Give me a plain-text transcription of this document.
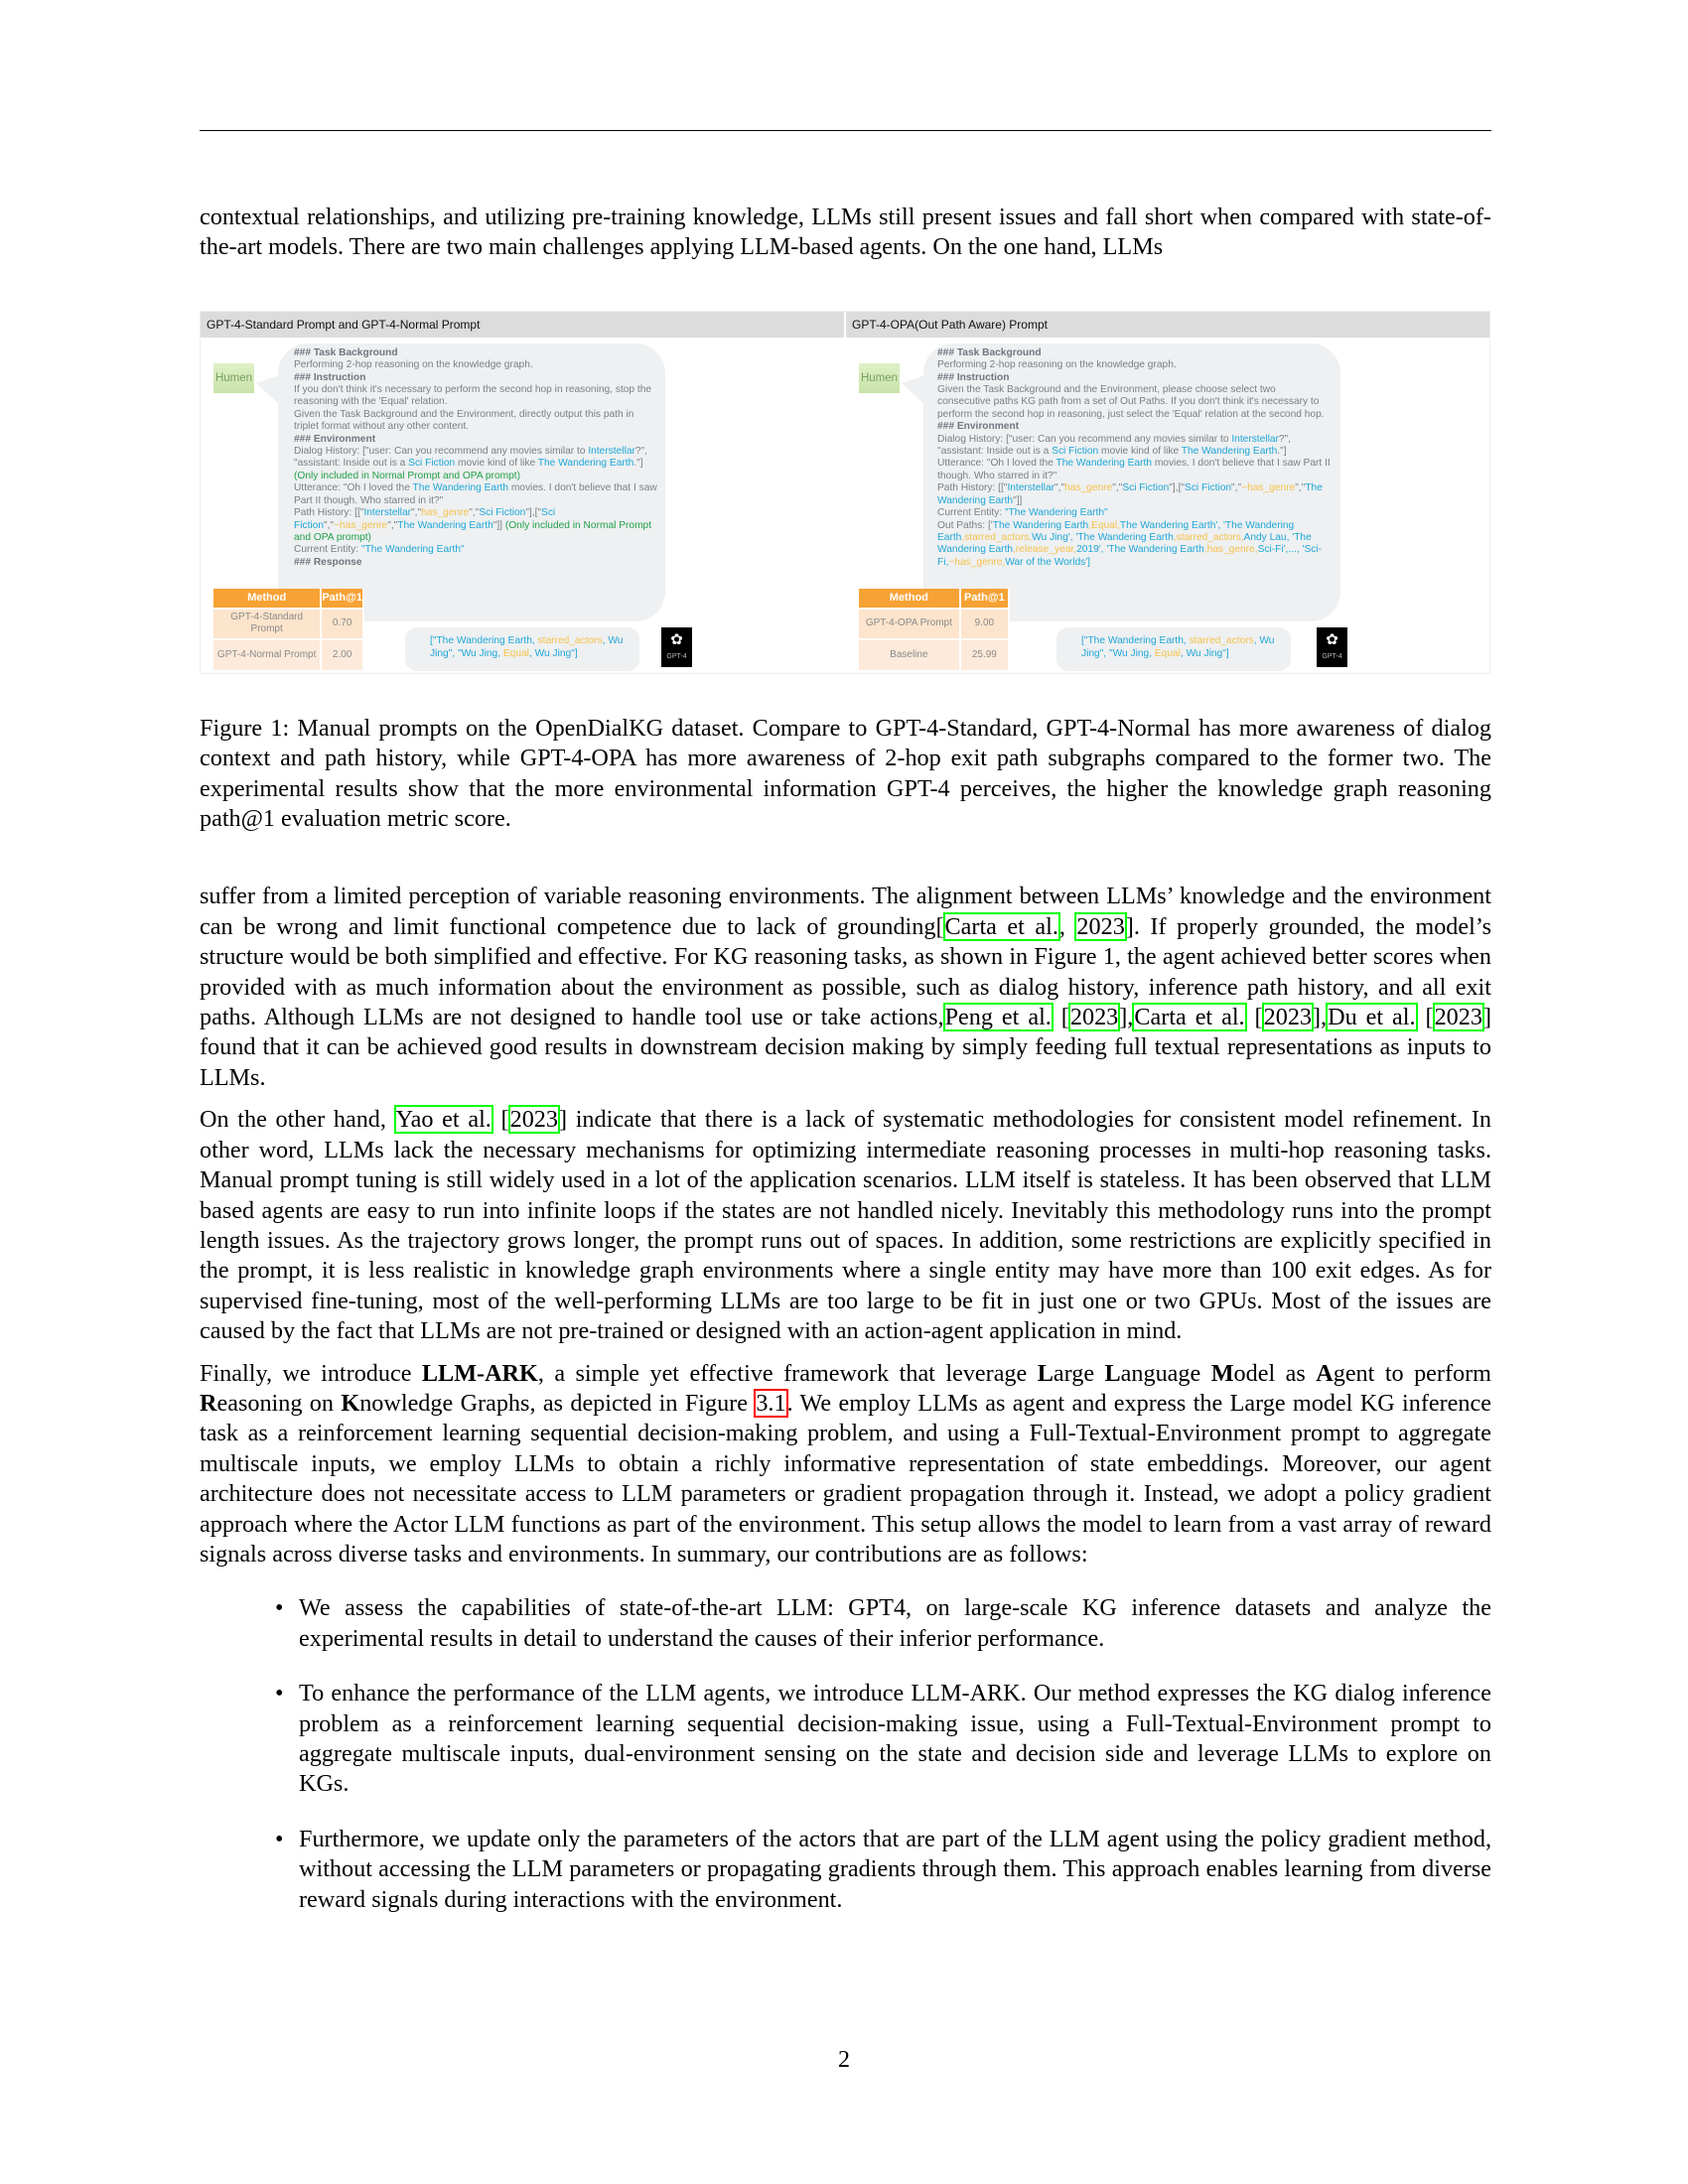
contextual relationships, and utilizing pre-training knowledge, LLMs still present issues and fall short when compared with state-of-the-art models. There are two main challenges applying LLM-based agents. On the one hand, LLMs
GPT-4-Standard Prompt and GPT-4-Normal Prompt
Humen
### Task Background
Performing 2-hop reasoning on the knowledge graph.
### Instruction
If you don't think it's necessary to perform the second hop in reasoning, stop the reasoning with the 'Equal' relation.
Given the Task Background and the Environment, directly output this path in triplet format without any other content.
### Environment
Dialog History: ["user: Can you recommend any movies similar to Interstellar?", "assistant: Inside out is a Sci Fiction movie kind of like The Wandering Earth."] (Only included in Normal Prompt and OPA prompt)
Utterance: "Oh I loved the The Wandering Earth movies. I don't believe that I saw Part II though. Who starred in it?"
Path History: [["Interstellar","has_genre","Sci Fiction"],["Sci Fiction","~has_genre","The Wandering Earth"]] (Only included in Normal Prompt and OPA prompt)
Current Entity: "The Wandering Earth"
### Response
Method	Path@1
GPT-4-Standard Prompt	0.70
GPT-4-Normal Prompt	2.00
["The Wandering Earth, starred_actors, Wu Jing", "Wu Jing, Equal, Wu Jing"]
✿
GPT-4
GPT-4-OPA(Out Path Aware) Prompt
Humen
### Task Background
Performing 2-hop reasoning on the knowledge graph.
### Instruction
Given the Task Background and the Environment, please choose select two consecutive paths KG path from a set of Out Paths. If you don't think it's necessary to perform the second hop in reasoning, just select the 'Equal' relation at the second hop.
### Environment
Dialog History: ["user: Can you recommend any movies similar to Interstellar?", "assistant: Inside out is a Sci Fiction movie kind of like The Wandering Earth."]
Utterance: "Oh I loved the The Wandering Earth movies. I don't believe that I saw Part II though. Who starred in it?"
Path History: [["Interstellar","has_genre","Sci Fiction"],["Sci Fiction","~has_genre","The Wandering Earth"]]
Current Entity: "The Wandering Earth"
Out Paths: ['The Wandering Earth,Equal,The Wandering Earth', 'The Wandering Earth,starred_actors,Wu Jing', 'The Wandering Earth,starred_actors,Andy Lau, 'The Wandering Earth,release_year,2019', 'The Wandering Earth,has_genre,Sci-Fi',..., 'Sci-Fi,~has_genre,War of the Worlds']
Method	Path@1
GPT-4-OPA Prompt	9.00
Baseline	25.99
["The Wandering Earth, starred_actors, Wu Jing", "Wu Jing, Equal, Wu Jing"]
✿
GPT-4
Figure 1: Manual prompts on the OpenDialKG dataset. Compare to GPT-4-Standard, GPT-4-Normal has more awareness of dialog context and path history, while GPT-4-OPA has more awareness of 2-hop exit path subgraphs compared to the former two. The experimental results show that the more environmental information GPT-4 perceives, the higher the knowledge graph reasoning path@1 evaluation metric score.
suffer from a limited perception of variable reasoning environments. The alignment between LLMs’ knowledge and the environment can be wrong and limit functional competence due to lack of grounding[Carta et al., 2023]. If properly grounded, the model’s structure would be both simplified and effective. For KG reasoning tasks, as shown in Figure 1, the agent achieved better scores when provided with as much information about the environment as possible, such as dialog history, inference path history, and all exit paths. Although LLMs are not designed to handle tool use or take actions,Peng et al. [2023],Carta et al. [2023],Du et al. [2023] found that it can be achieved good results in downstream decision making by simply feeding full textual representations as inputs to LLMs.
On the other hand, Yao et al. [2023] indicate that there is a lack of systematic methodologies for consistent model refinement. In other word, LLMs lack the necessary mechanisms for optimizing intermediate reasoning processes in multi-hop reasoning tasks. Manual prompt tuning is still widely used in a lot of the application scenarios. LLM itself is stateless. It has been observed that LLM based agents are easy to run into infinite loops if the states are not handled nicely. Inevitably this methodology runs into the prompt length issues. As the trajectory grows longer, the prompt runs out of spaces. In addition, some restrictions are explicitly specified in the prompt, it is less realistic in knowledge graph environments where a single entity may have more than 100 exit edges. As for supervised fine-tuning, most of the well-performing LLMs are too large to be fit in just one or two GPUs. Most of the issues are caused by the fact that LLMs are not pre-trained or designed with an action-agent application in mind.
Finally, we introduce LLM-ARK, a simple yet effective framework that leverage Large Language Model as Agent to perform Reasoning on Knowledge Graphs, as depicted in Figure 3.1. We employ LLMs as agent and express the Large model KG inference task as a reinforcement learning sequential decision-making problem, and using a Full-Textual-Environment prompt to aggregate multiscale inputs, we employ LLMs to obtain a richly informative representation of state embeddings. Moreover, our agent architecture does not necessitate access to LLM parameters or gradient propagation through it. Instead, we adopt a policy gradient approach where the Actor LLM functions as part of the environment. This setup allows the model to learn from a vast array of reward signals across diverse tasks and environments. In summary, our contributions are as follows:
• We assess the capabilities of state-of-the-art LLM: GPT4, on large-scale KG inference datasets and analyze the experimental results in detail to understand the causes of their inferior performance.
• To enhance the performance of the LLM agents, we introduce LLM-ARK. Our method expresses the KG dialog inference problem as a reinforcement learning sequential decision-making issue, using a Full-Textual-Environment prompt to aggregate multiscale inputs, dual-environment sensing on the state and decision side and leverage LLMs to explore on KGs.
• Furthermore, we update only the parameters of the actors that are part of the LLM agent using the policy gradient method, without accessing the LLM parameters or propagating gradients through them. This approach enables learning from diverse reward signals during interactions with the environment.
2
